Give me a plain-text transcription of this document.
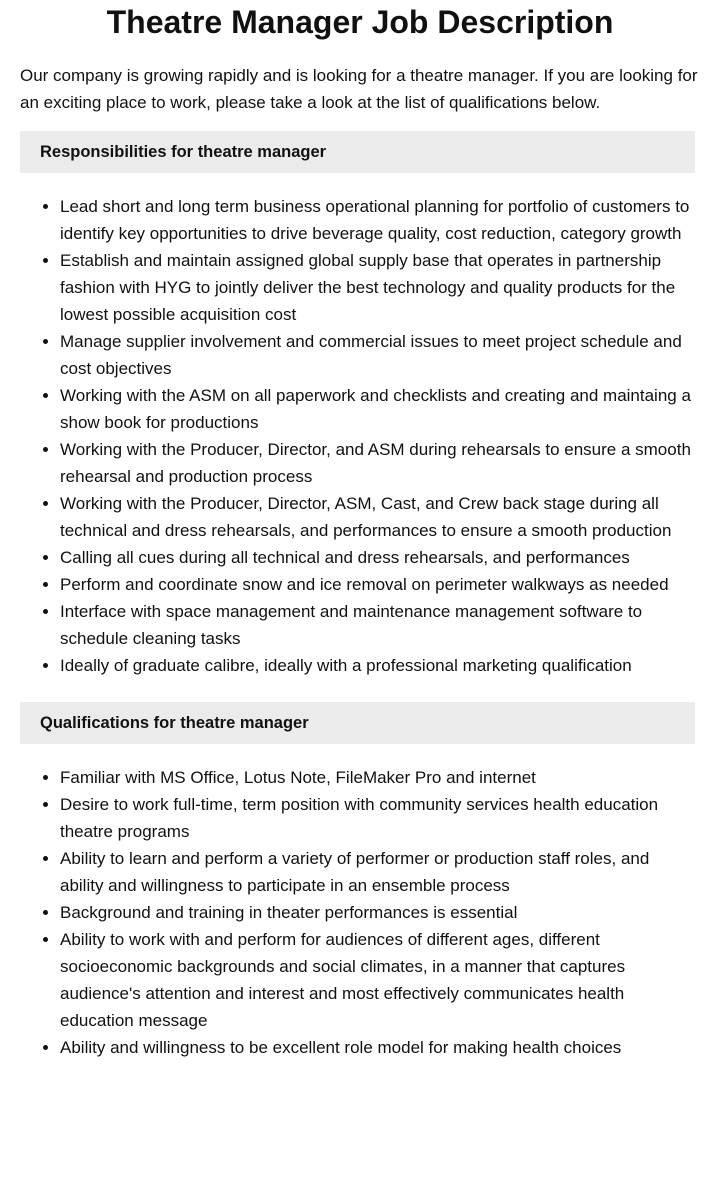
Theatre Manager Job Description

Our company is growing rapidly and is looking for a theatre manager. If you are looking for an exciting place to work, please take a look at the list of qualifications below.

Responsibilities for theatre manager
• Lead short and long term business operational planning for portfolio of customers to identify key opportunities to drive beverage quality, cost reduction, category growth
• Establish and maintain assigned global supply base that operates in partnership fashion with HYG to jointly deliver the best technology and quality products for the lowest possible acquisition cost
• Manage supplier involvement and commercial issues to meet project schedule and cost objectives
• Working with the ASM on all paperwork and checklists and creating and maintaing a show book for productions
• Working with the Producer, Director, and ASM during rehearsals to ensure a smooth rehearsal and production process
• Working with the Producer, Director, ASM, Cast, and Crew back stage during all technical and dress rehearsals, and performances to ensure a smooth production
• Calling all cues during all technical and dress rehearsals, and performances
• Perform and coordinate snow and ice removal on perimeter walkways as needed
• Interface with space management and maintenance management software to schedule cleaning tasks
• Ideally of graduate calibre, ideally with a professional marketing qualification
Qualifications for theatre manager
• Familiar with MS Office, Lotus Note, FileMaker Pro and internet
• Desire to work full-time, term position with community services health education theatre programs
• Ability to learn and perform a variety of performer or production staff roles, and ability and willingness to participate in an ensemble process
• Background and training in theater performances is essential
• Ability to work with and perform for audiences of different ages, different socioeconomic backgrounds and social climates, in a manner that captures audience's attention and interest and most effectively communicates health education message
• Ability and willingness to be excellent role model for making health choices
